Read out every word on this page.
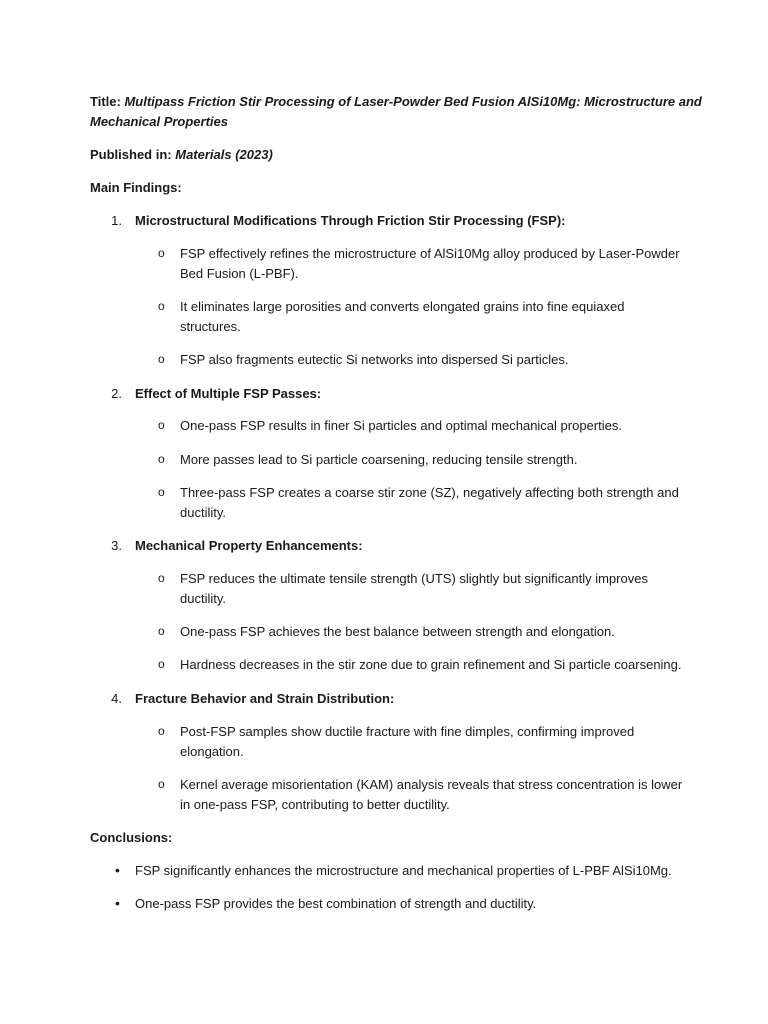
Title: Multipass Friction Stir Processing of Laser-Powder Bed Fusion AlSi10Mg: Microstructure and
Mechanical Properties
Published in: Materials (2023)
Main Findings:
1. Microstructural Modifications Through Friction Stir Processing (FSP):
o FSP effectively refines the microstructure of AlSi10Mg alloy produced by Laser-Powder
Bed Fusion (L-PBF).
o It eliminates large porosities and converts elongated grains into fine equiaxed
structures.
o FSP also fragments eutectic Si networks into dispersed Si particles.
2. Effect of Multiple FSP Passes:
o One-pass FSP results in finer Si particles and optimal mechanical properties.
o More passes lead to Si particle coarsening, reducing tensile strength.
o Three-pass FSP creates a coarse stir zone (SZ), negatively affecting both strength and
ductility.
3. Mechanical Property Enhancements:
o FSP reduces the ultimate tensile strength (UTS) slightly but significantly improves
ductility.
o One-pass FSP achieves the best balance between strength and elongation.
o Hardness decreases in the stir zone due to grain refinement and Si particle coarsening.
4. Fracture Behavior and Strain Distribution:
o Post-FSP samples show ductile fracture with fine dimples, confirming improved
elongation.
o Kernel average misorientation (KAM) analysis reveals that stress concentration is lower
in one-pass FSP, contributing to better ductility.
Conclusions:
• FSP significantly enhances the microstructure and mechanical properties of L-PBF AlSi10Mg.
• One-pass FSP provides the best combination of strength and ductility.
